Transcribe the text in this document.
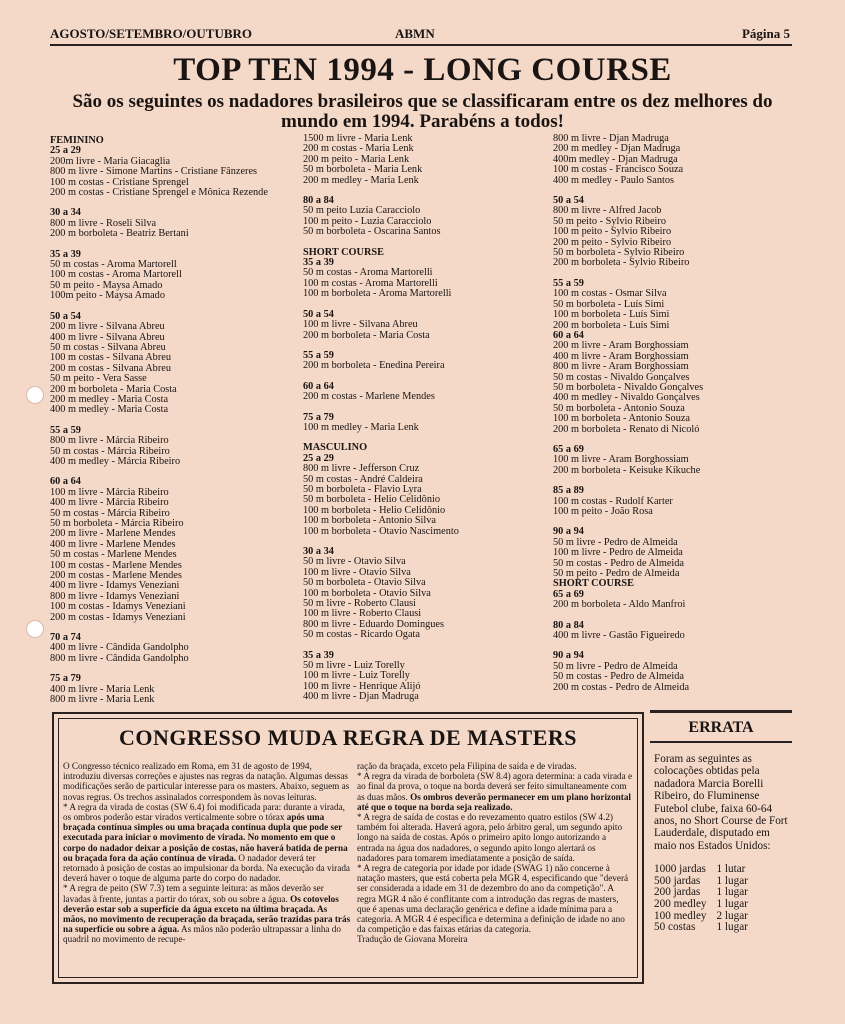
AGOSTO/SETEMBRO/OUTUBRO	ABMN	Página 5
TOP TEN 1994 - LONG COURSE
São os seguintes os nadadores brasileiros que se classificaram entre os dez melhores do mundo em 1994. Parabéns a todos!
FEMININO
25 a 29
200m livre - Maria Giacaglia
800 m livre - Simone Martins - Cristiane Fânzeres
100 m costas - Cristiane Sprengel
200 m costas - Cristiane Sprengel e Mônica Rezende
30 a 34
800 m livre - Roseli Silva
200 m borboleta - Beatriz Bertani
35 a 39
50 m costas - Aroma Martorell
100 m costas - Aroma Martorell
50 m peito - Maysa Amado
100m peito - Maysa Amado
50 a 54
200 m livre - Silvana Abreu
400 m livre - Silvana Abreu
50 m costas - Silvana Abreu
100 m costas - Silvana Abreu
200 m costas - Silvana Abreu
50 m peito - Vera Sasse
200 m borboleta - Maria Costa
200 m medley - Maria Costa
400 m medley - Maria Costa
55 a 59
800 m livre - Márcia Ribeiro
50 m costas - Márcia Ribeiro
400 m medley - Márcia Ribeiro
60 a 64
100 m livre - Márcia Ribeiro
400 m livre - Márcia Ribeiro
50 m costas - Márcia Ribeiro
50 m borboleta - Márcia Ribeiro
200 m livre - Marlene Mendes
400 m livre - Marlene Mendes
50 m costas - Marlene Mendes
100 m costas - Marlene Mendes
200 m costas - Marlene Mendes
400 m livre - Idamys Veneziani
800 m livre - Idamys Veneziani
100 m costas - Idamys Veneziani
200 m costas - Idamys Veneziani
70 a 74
400 m livre - Cândida Gandolpho
800 m livre - Cândida Gandolpho
75 a 79
400 m livre - Maria Lenk
800 m livre - Maria Lenk
1500 m livre - Maria Lenk
200 m costas - Maria Lenk
200 m peito - Maria Lenk
50 m borboleta - Maria Lenk
200 m medley - Maria Lenk
80 a 84
50 m peito Luzia Caracciolo
100 m peito - Luzia Caracciolo
50 m borboleta - Oscarina Santos
SHORT COURSE
35 a 39
50 m costas - Aroma Martorelli
100 m costas - Aroma Martorelli
100 m borboleta - Aroma Martorelli
50 a 54
100 m livre - Silvana Abreu
200 m borboleta - Maria Costa
55 a 59
200 m borboleta - Enedina Pereira
60 a 64
200 m costas - Marlene Mendes
75 a 79
100 m medley - Maria Lenk
MASCULINO
25 a 29
800 m livre - Jefferson Cruz
50 m costas - André Caldeira
50 m borboleta - Flavio Lyra
50 m borboleta - Helio Celidônio
100 m borboleta - Helio Celidônio
100 m borboleta - Antonio Silva
100 m borboleta - Otavio Nascimento
30 a 34
50 m livre - Otavio Silva
100 m livre - Otavio Silva
50 m borboleta - Otavio Silva
100 m borboleta - Otavio Silva
50 m livre - Roberto Clausi
100 m livre - Roberto Clausi
800 m livre - Eduardo Domingues
50 m costas - Ricardo Ogata
35 a 39
50 m livre - Luiz Torelly
100 m livre - Luiz Torelly
100 m livre - Henrique Alijó
400 m livre - Djan Madruga
800 m livre - Djan Madruga
200 m medley - Djan Madruga
400m medley - Djan Madruga
100 m costas - Francisco Souza
400 m medley - Paulo Santos
50 a 54
800 m livre - Alfred Jacob
50 m peito - Sylvio Ribeiro
100 m peito - Sylvio Ribeiro
200 m peito - Sylvio Ribeiro
50 m borboleta - Sylvio Ribeiro
200 m borboleta - Sylvio Ribeiro
55 a 59
100 m costas - Osmar Silva
50 m borboleta - Luís Simi
100 m borboleta - Luís Simi
200 m borboleta - Luís Simi
60 a 64
200 m livre - Aram Borghossiam
400 m livre - Aram Borghossiam
800 m livre - Aram Borghossiam
50 m costas - Nivaldo Gonçalves
50 m borboleta - Nivaldo Gonçalves
400 m medley - Nivaldo Gonçalves
50 m borboleta - Antonio Souza
100 m borboleta - Antonio Souza
200 m borboleta - Renato di Nicoló
65 a 69
100 m livre - Aram Borghossiam
200 m borboleta - Keisuke Kikuche
85 a 89
100 m costas - Rudolf Karter
100 m peito - João Rosa
90 a 94
50 m livre - Pedro de Almeida
100 m livre - Pedro de Almeida
50 m costas - Pedro de Almeida
50 m peito - Pedro de Almeida
SHORT COURSE
65 a 69
200 m borboleta - Aldo Manfroi
80 a 84
400 m livre - Gastão Figueiredo
90 a 94
50 m livre - Pedro de Almeida
50 m costas - Pedro de Almeida
200 m costas - Pedro de Almeida
CONGRESSO MUDA REGRA DE MASTERS
O Congresso técnico realizado em Roma, em 31 de agosto de 1994, introduziu diversas correções e ajustes nas regras da natação. Algumas dessas modificações serão de particular interesse para os masters. Abaixo, seguem as novas regras. Os trechos assinalados correspondem às novas leituras.
* A regra da virada de costas (SW 6.4) foi modificada para: durante a virada, os ombros poderão estar virados verticalmente sobre o tórax após uma braçada contínua simples ou uma braçada contínua dupla que pode ser executada para iniciar o movimento de virada. No momento em que o corpo do nadador deixar a posição de costas, não haverá batida de perna ou braçada fora da ação contínua de virada. O nadador deverá ter retornado à posição de costas ao impulsionar da borda. Na execução da virada deverá haver o toque de alguma parte do corpo do nadador.
* A regra de peito (SW 7.3) tem a seguinte leitura: as mãos deverão ser lavadas à frente, juntas a partir do tórax, sob ou sobre a água. Os cotovelos deverão estar sob a superfície da água exceto na última braçada. As mãos, no movimento de recuperação da braçada, serão trazidas para trás na superfície ou sobre a água. As mãos não poderão ultrapassar a linha do quadril no movimento de recupe-
ração da braçada, exceto pela Filipina de saída e de viradas.
* A regra da virada de borboleta (SW 8.4) agora determina: a cada virada e ao final da prova, o toque na borda deverá ser feito simultaneamente com as duas mãos. Os ombros deverão permanecer em um plano horizontal até que o toque na borda seja realizado.
* A regra de saída de costas e do revezamento quatro estilos (SW 4.2) também foi alterada. Haverá agora, pelo árbitro geral, um segundo apito longo na saída de costas. Após o primeiro apito longo autorizando a entrada na água dos nadadores, o segundo apito longo alertará os nadadores para tomarem imediatamente a posição de saída.
* A regra de categoria por idade por idade (SWAG 1) não concerne à natação masters, que está coberta pela MGR 4, especificando que "deverá ser considerada a idade em 31 de dezembro do ano da competição". A regra MGR 4 não é conflitante com a introdução das regras de masters, que é apenas uma declaração genérica e define a idade mínima para a categoria. A MGR 4 é específica e determina a definição de idade no ano da competição e das faixas etárias da categoria.
Tradução de Giovana Moreira
ERRATA
Foram as seguintes as colocações obtidas pela nadadora Marcia Borelli Ribeiro, do Fluminense Futebol clube, faixa 60-64 anos, no Short Course de Fort Lauderdale, disputado em maio nos Estados Unidos:
1000 jardas	1 lutar
500 jardas	1 lugar
200 jardas	1 lugar
200 medley	1 lugar
100 medley	2 lugar
50 costas	1 lugar
